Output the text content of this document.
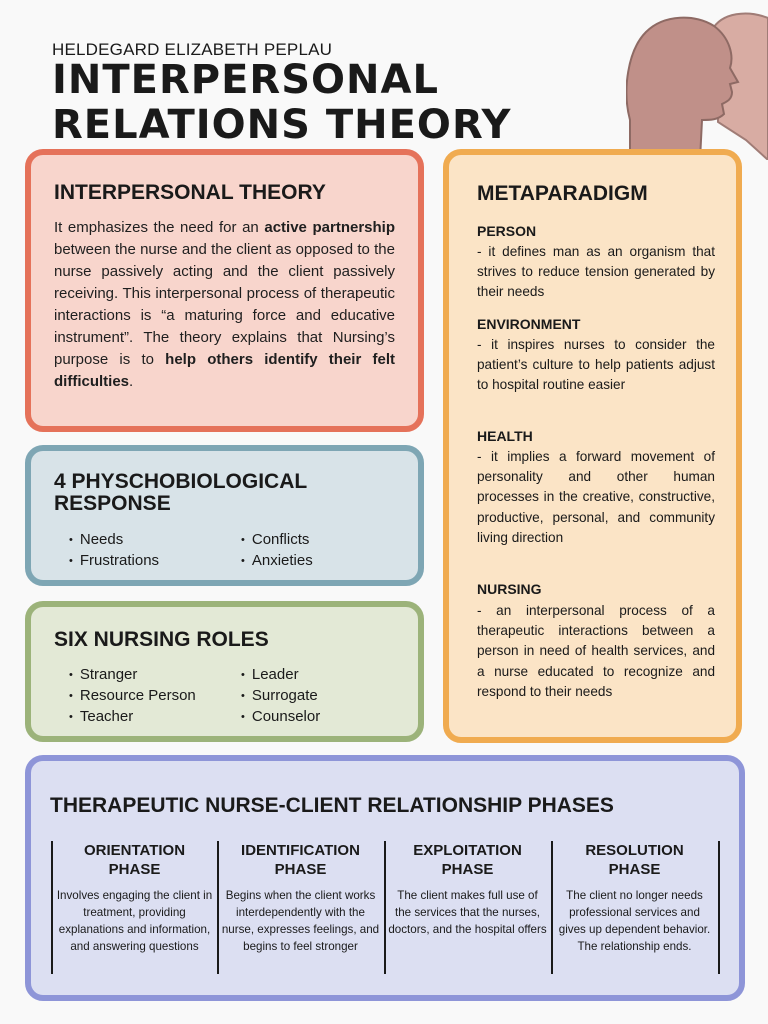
HELDEGARD ELIZABETH PEPLAU
INTERPERSONAL
RELATIONS THEORY
INTERPERSONAL THEORY
It emphasizes the need for an active partnership between the nurse and the client as opposed to the nurse passively acting and the client passively receiving. This interpersonal process of therapeutic interactions is “a maturing force and educative instrument”. The theory explains that Nursing’s purpose is to help others identify their felt difficulties.
4 PHYSCHOBIOLOGICAL
RESPONSE
• Needs
• Frustrations
• Conflicts
• Anxieties
SIX NURSING ROLES
• Stranger
• Resource Person
• Teacher
• Leader
• Surrogate
• Counselor
METAPARADIGM
PERSON
- it defines man as an organism that strives to reduce tension generated by their needs
ENVIRONMENT
- it inspires nurses to consider the patient’s culture to help patients adjust to hospital routine easier
HEALTH
- it implies a forward movement of personality and other human processes in the creative, constructive, productive, personal, and community living direction
NURSING
- an interpersonal process of a therapeutic interactions between a person in need of health services, and a nurse educated to recognize and respond to their needs
THERAPEUTIC NURSE-CLIENT RELATIONSHIP PHASES
ORIENTATION
PHASE
Involves engaging the client in treatment, providing explanations and information, and answering questions
IDENTIFICATION
PHASE
Begins when the client works interdependently with the nurse, expresses feelings, and begins to feel stronger
EXPLOITATION
PHASE
The client makes full use of the services that the nurses, doctors, and the hospital offers
RESOLUTION
PHASE
The client no longer needs professional services and gives up dependent behavior. The relationship ends.
